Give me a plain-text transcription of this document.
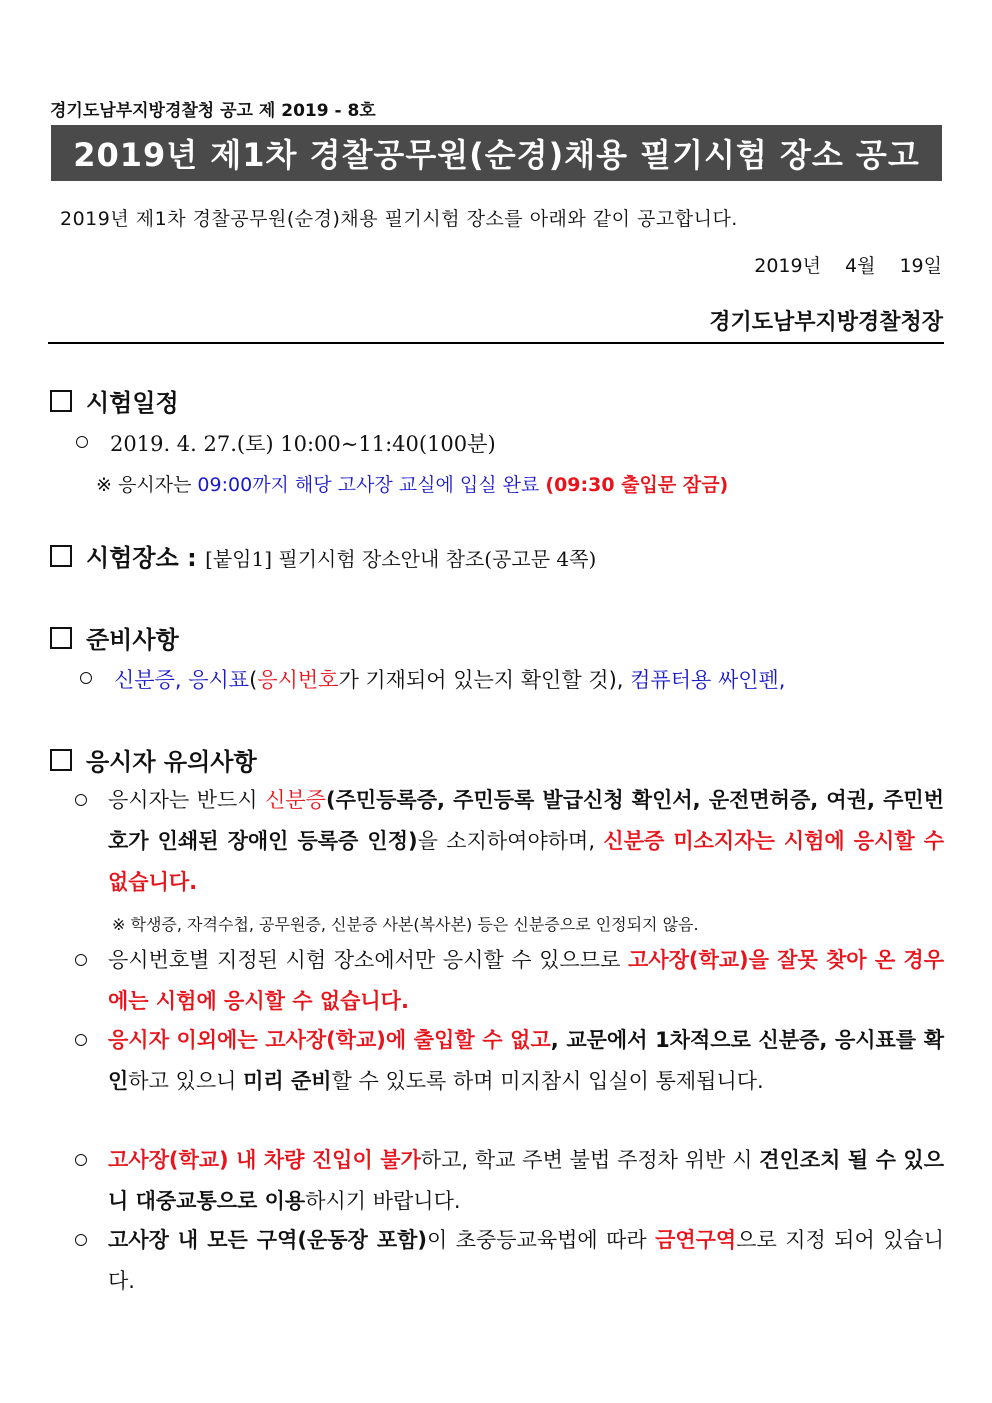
경기도남부지방경찰청 공고 제 2019 - 8호
2019년 제1차 경찰공무원(순경)채용 필기시험 장소 공고
2019년 제1차 경찰공무원(순경)채용 필기시험 장소를 아래와 같이 공고합니다.
2019년 4월 19일
경기도남부지방경찰청장
시험일정
2019. 4. 27.(토) 10:00∼11:40(100분)
※ 응시자는 09:00까지 해당 고사장 교실에 입실 완료 (09:30 출입문 잠금)
시험장소 : [붙임1] 필기시험 장소안내 참조(공고문 4쪽)
준비사항
신분증, 응시표(응시번호가 기재되어 있는지 확인할 것), 컴퓨터용 싸인펜,
응시자 유의사항
응시자는 반드시 신분증(주민등록증, 주민등록 발급신청 확인서, 운전면허증, 여권, 주민번호가 인쇄된 장애인 등록증 인정)을 소지하여야하며, 신분증 미소지자는 시험에 응시할 수 없습니다.
※ 학생증, 자격수첩, 공무원증, 신분증 사본(복사본) 등은 신분증으로 인정되지 않음.
응시번호별 지정된 시험 장소에서만 응시할 수 있으므로 고사장(학교)을 잘못 찾아 온 경우에는 시험에 응시할 수 없습니다.
응시자 이외에는 고사장(학교)에 출입할 수 없고, 교문에서 1차적으로 신분증, 응시표를 확인하고 있으니 미리 준비할 수 있도록 하며 미지참시 입실이 통제됩니다.
고사장(학교) 내 차량 진입이 불가하고, 학교 주변 불법 주정차 위반 시 견인조치 될 수 있으니 대중교통으로 이용하시기 바랍니다.
고사장 내 모든 구역(운동장 포함)이 초중등교육법에 따라 금연구역으로 지정 되어 있습니다.
